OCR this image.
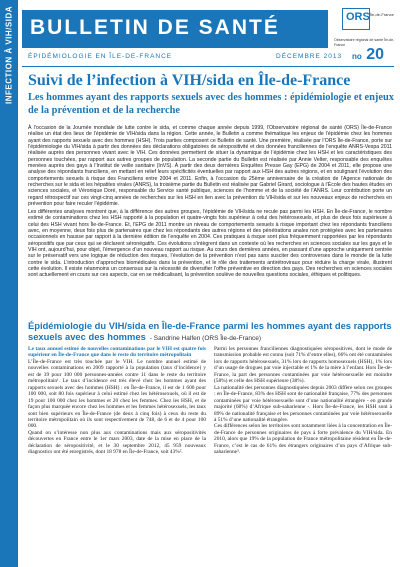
INFECTION À VIH/SIDA BULLETIN DE SANTÉ	ORS Île-de-France
Observatoire régional de santé Île-de-France
ÉPIDÉMIOLOGIE EN ÎLE-DE-FRANCE	DÉCEMBRE 2013 no 20
Suivi de l’infection à VIH/sida en Île-de-France
Les hommes ayant des rapports sexuels avec des hommes : épidémiologie et enjeux de la prévention et de la recherche

À l’occasion de la Journée mondiale de lutte contre le sida, et comme chaque année depuis 1999, l’Observatoire régional de santé (ORS) Île-de-France réalise un état des lieux de l’épidémie de VIH/sida dans la région. Cette année, le Bulletin a comme thématique les enjeux de l’épidémie chez les hommes ayant des rapports sexuels avec des hommes (HSH). Trois parties composent ce Bulletin de santé. Une première, réalisée par l’ORS Île-de-France, porte sur l’épidémiologie du VIH/sida à partir des données des déclarations obligatoires de séropositivité et des données franciliennes de l’enquête ANRS-Vespa 2011 réalisée auprès des personnes vivant avec le VIH. Ces données permettent de situer la dynamique de l’épidémie chez les HSH et les caractéristiques des personnes touchées, par rapport aux autres groupes de population. La seconde partie du Bulletin est réalisée par Annie Velter, responsable des enquêtes menées auprès des gays à l’Institut de veille sanitaire (InVS). À partir des deux dernières Enquêtes Presse Gay (EPG) de 2004 et 2011, elle propose une analyse des répondants franciliens, en mettant en relief leurs spécificités éventuelles par rapport aux HSH des autres régions, et en soulignant l’évolution des comportements sexuels à risque des Franciliens entre 2004 et 2011. Enfin, à l’occasion du 25ème anniversaire de la création de l’Agence nationale de recherches sur le sida et les hépatites virales (ANRS), la troisième partie du Bulletin est réalisée par Gabriel Girard, sociologue à l’École des hautes études en sciences sociales, et Véronique Doré, responsable du Service santé publique, sciences de l’homme et de la société de l’ANRS. Leur contribution porte un regard rétrospectif sur ces vingt-cinq années de recherches sur les HSH en lien avec la prévention du VIH/sida et sur les nouveaux enjeux de recherches en prévention pour faire reculer l’épidémie.

Les différentes analyses montrent que, à la différence des autres groupes, l’épidémie de VIH/sida ne recule pas parmi les HSH. En Île-de-France, le nombre estimé de contaminations chez les HSH rapporté à la population et quatre-vingts fois supérieur à celui des hétérosexuels, et plus de deux fois supérieure à celui des HSH vivant hors Île-de-France. Et, l’EPG de 2011 montre un niveau de comportements sexuels à risque important chez les répondants franciliens avec, en moyenne, deux fois plus de partenaires que chez les répondants des autres régions et des pénétrations anales non protégées avec les partenaires occasionnels en hausse par rapport à la dernière édition de l’enquête en 2004. Ces pratiques à risque sont plus fréquemment rapportées par les répondants séropositifs que par ceux qui se déclarent séronégatifs. Ces évolutions s’intègrent dans un contexte où les recherches en sciences sociales sur les gays et le VIH ont, aujourd’hui, pour objet, l’émergence d’un nouveau rapport au risque. Au cours des dernières années, en passant d’une approche uniquement centrée sur le préservatif vers une logique de réduction des risques, l’évolution de la prévention n’est pas sans susciter des controverses dans le monde de la lutte contre le sida. L’introduction d’approches biomédicales dans la prévention, et le rôle des traitements antirétroviraux pour réduire la charge virale, illustrent cette évolution. Il existe néanmoins un consensus sur la nécessité de diversifier l’offre préventive en direction des gays. Des recherches en sciences sociales sont actuellement en cours sur ces aspects, car en se médicalisant, la prévention soulève de nouvelles questions sociales, éthiques et politiques.

Épidémiologie du VIH/sida en Île-de-France parmi les hommes ayant des rapports sexuels avec des hommes - Sandrine Halfen (ORS Île-de-France)

Le taux annuel estimé de nouvelles contaminations par le VIH est quatre fois supérieur en Île-de-France que dans le reste du territoire métropolitain

L’Île-de-France est très touchée par le VIH. Le nombre annuel estimé de nouvelles contaminations en 2009 rapporté à la population (taux d’incidence) y est de 39 pour 100 000 personnes-années contre 11 dans le reste du territoire métropolitain¹. Le taux d’incidence est très élevé chez les hommes ayant des rapports sexuels avec des hommes (HSH) : en Île-de-France, il est de 1 600 pour 100 000, soit 80 fois supérieur à celui estimé chez les hétérosexuels, où il est de 19 pour 100 000 chez les hommes et 20 chez les femmes. Chez les HSH, et de façon plus marquée encore chez les hommes et les femmes hétérosexuels, les taux sont bien supérieurs en Île-de-France (de deux à cinq fois) à ceux du reste du territoire métropolitain où ils sont respectivement de 748, de 6 et de 4 pour 100 000.

Quand on s’intéresse non plus aux contaminations mais aux séropositivités découvertes en France entre le 1er mars 2003, date de la mise en place de la déclaration de séropositivité, et le 30 septembre 2012, 45 959 nouveaux diagnostics ont été enregistrés, dont 18 978 en Île-de-France, soit 43%².

Parmi les personnes franciliennes diagnostiquées séropositives, dont le mode de transmission probable est connu (soit 71% d’entre elles), 66% ont été contaminées lors de rapports hétérosexuels, 31% lors de rapports homosexuels (HSH), 1% lors d’un usage de drogues par voie injectable et 1% de la mère à l’enfant. Hors Île-de-France, la part des personnes contaminées par voie hétérosexuelle est moindre (58%) et celle des HSH supérieure (38%).

La nationalité des personnes diagnostiquées depuis 2003 diffère selon ces groupes : en Île-de-France, 83% des HSH sont de nationalité française, 77% des personnes contaminées par voie hétérosexuelle sont d’une nationalité étrangère - en grande majorité (68%) d’Afrique sub-saharienne -. Hors Île-de-France, les HSH sont à 89% de nationalité française et les personnes contaminées par voie hétérosexuelle à 51% d’une nationalité étrangère.

Ces différences selon les territoires sont notamment liées à la concentration en Île-de-France de personnes originaires de pays à forte prévalence du VIH/sida. En 2010, alors que 19% de la population de France métropolitaine résident en Île-de-France, c’est le cas de 61% des étrangers originaires d’un pays d’Afrique sub-saharienne³.
